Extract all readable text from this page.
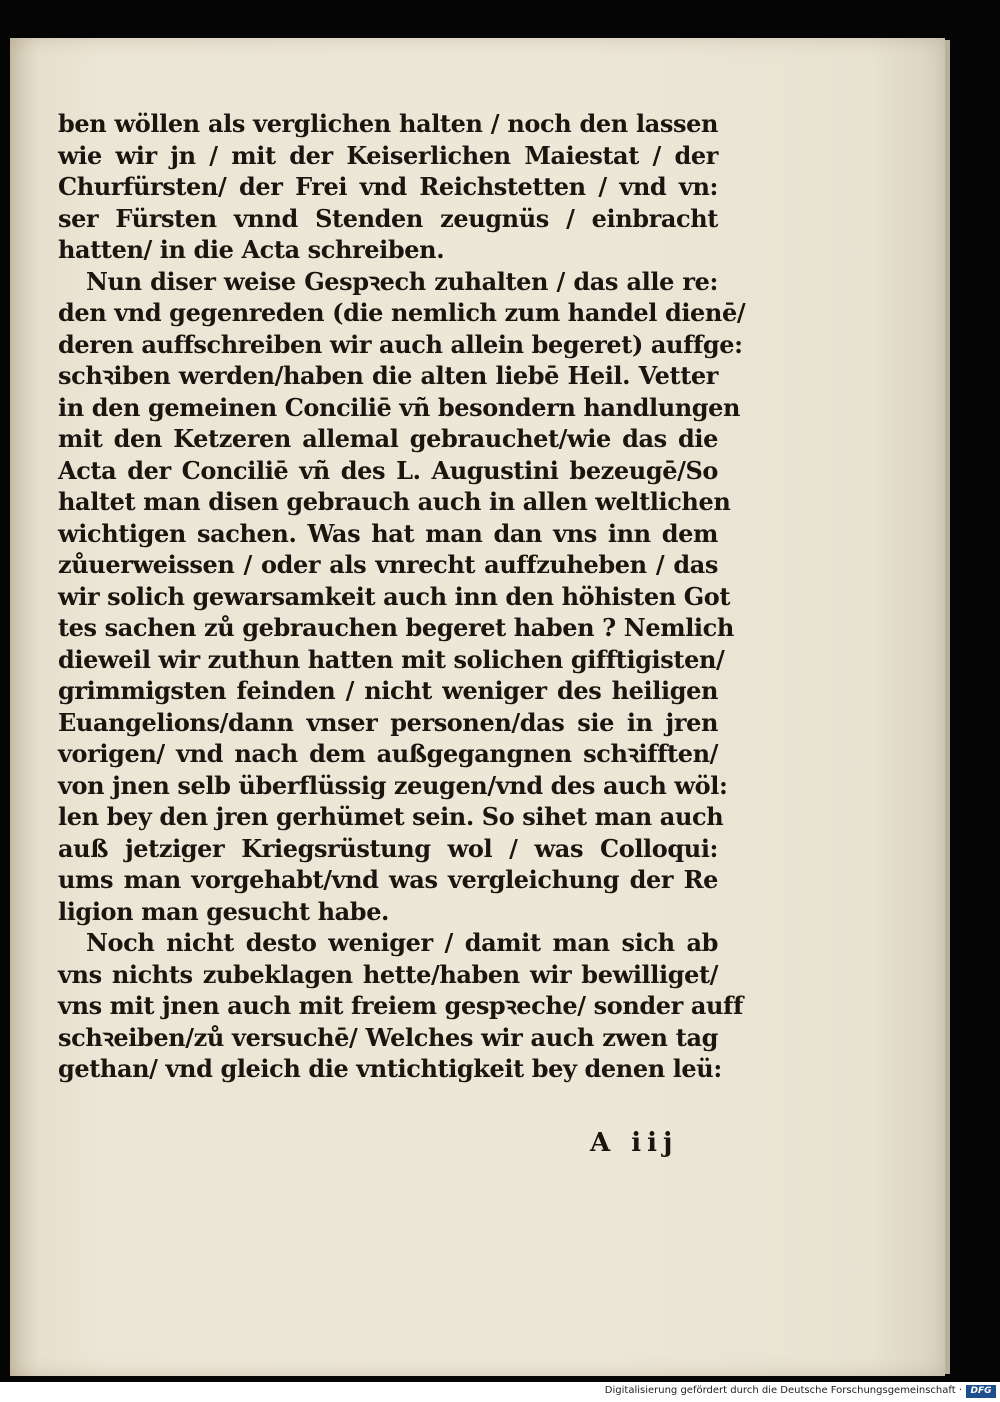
ben wöllen als verglichen halten / noch den lassen
wie wir jn / mit der Keiserlichen Maiestat / der
Churfürsten/ der Frei vnd Reichstetten / vnd vn:
ser Fürsten vnnd Stenden zeugnüs / einbracht
hatten/ in die Acta schreiben.
Nun diser weise Gespꝛech zuhalten / das alle re:
den vnd gegenreden (die nemlich zum handel dienē/
deren auffschreiben wir auch allein begeret) auffge:
schꝛiben werden/haben die alten liebē Heil. Vetter
in den gemeinen Conciliē vñ besondern handlungen
mit den Ketzeren allemal gebrauchet/wie das die
Acta der Conciliē vñ des L. Augustini bezeugē/So
haltet man disen gebrauch auch in allen weltlichen
wichtigen sachen. Was hat man dan vns inn dem
zůuerweissen / oder als vnrecht auffzuheben / das
wir solich gewarsamkeit auch inn den höhisten Got
tes sachen zů gebrauchen begeret haben ? Nemlich
dieweil wir zuthun hatten mit solichen gifftigisten/
grimmigsten feinden / nicht weniger des heiligen
Euangelions/dann vnser personen/das sie in jren
vorigen/ vnd nach dem außgegangnen schꝛifften/
von jnen selb überflüssig zeugen/vnd des auch wöl:
len bey den jren gerhümet sein. So sihet man auch
auß jetziger Kriegsrüstung wol / was Colloqui:
ums man vorgehabt/vnd was vergleichung der Re
ligion man gesucht habe.
Noch nicht desto weniger / damit man sich ab
vns nichts zubeklagen hette/haben wir bewilliget/
vns mit jnen auch mit freiem gespꝛeche/ sonder auff
schꝛeiben/zů versuchē/ Welches wir auch zwen tag
gethan/ vnd gleich die vntichtigkeit bey denen leü:
A iij
Digitalisierung gefördert durch die Deutsche Forschungsgemeinschaft · DFG
